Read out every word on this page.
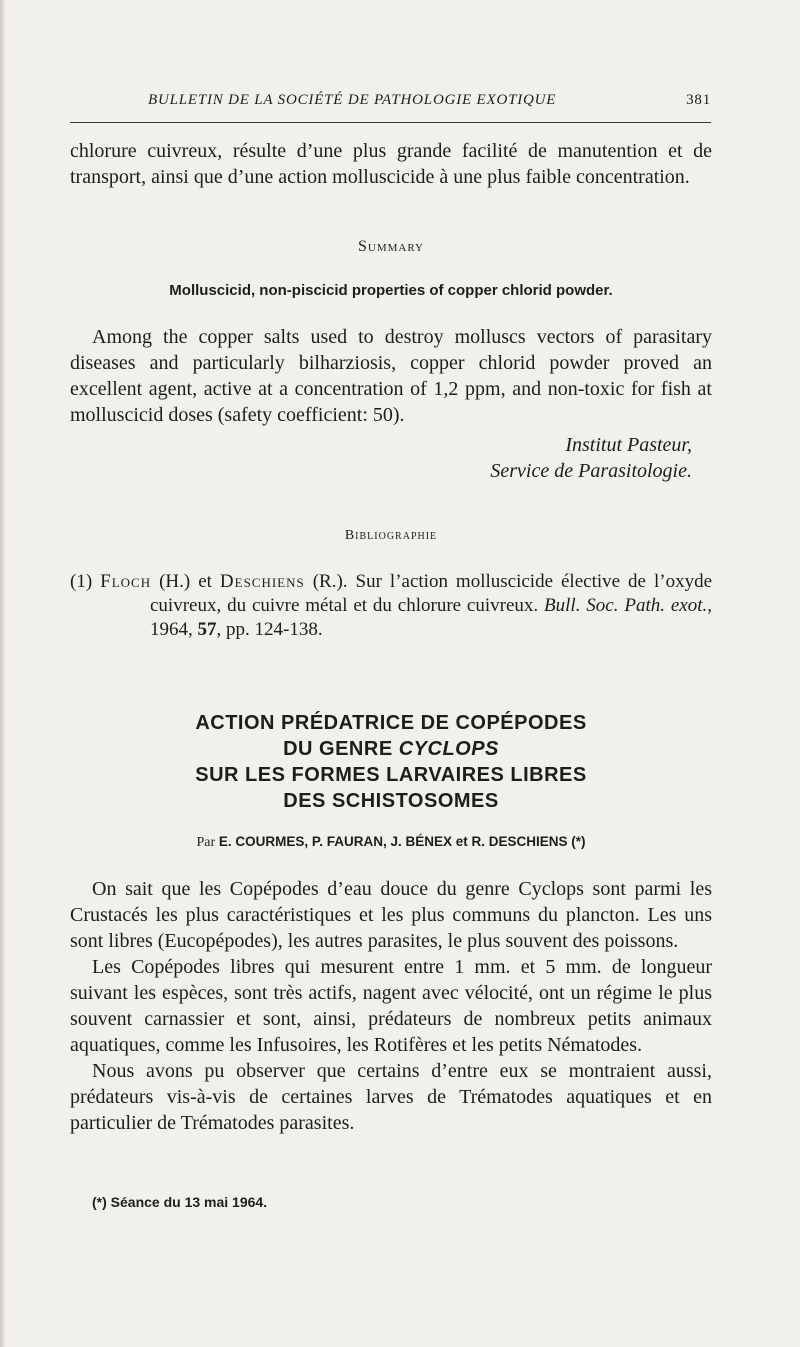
BULLETIN DE LA SOCIÉTÉ DE PATHOLOGIE EXOTIQUE	381

chlorure cuivreux, résulte d’une plus grande facilité de manutention et de transport, ainsi que d’une action molluscicide à une plus faible concentration.

Summary
Molluscicid, non-piscicid properties of copper chlorid powder.

Among the copper salts used to destroy molluscs vectors of parasitary diseases and particularly bilharziosis, copper chlorid powder proved an excellent agent, active at a concentration of 1,2 ppm, and non-toxic for fish at molluscicid doses (safety coefficient: 50).

Institut Pasteur,
Service de Parasitologie.
Bibliographie

(1) Floch (H.) et Deschiens (R.). Sur l’action molluscicide élective de l’oxyde cuivreux, du cuivre métal et du chlorure cuivreux. Bull. Soc. Path. exot., 1964, 57, pp. 124-138.

ACTION PRÉDATRICE DE COPÉPODES
DU GENRE CYCLOPS
SUR LES FORMES LARVAIRES LIBRES
DES SCHISTOSOMES
Par E. COURMES, P. FAURAN, J. BÉNEX et R. DESCHIENS (*)

On sait que les Copépodes d’eau douce du genre Cyclops sont parmi les Crustacés les plus caractéristiques et les plus communs du plancton. Les uns sont libres (Eucopépodes), les autres parasites, le plus souvent des poissons.

Les Copépodes libres qui mesurent entre 1 mm. et 5 mm. de longueur suivant les espèces, sont très actifs, nagent avec vélocité, ont un régime le plus souvent carnassier et sont, ainsi, prédateurs de nombreux petits animaux aquatiques, comme les Infusoires, les Rotifères et les petits Nématodes.

Nous avons pu observer que certains d’entre eux se montraient aussi, prédateurs vis-à-vis de certaines larves de Trématodes aquatiques et en particulier de Trématodes parasites.

(*) Séance du 13 mai 1964.
